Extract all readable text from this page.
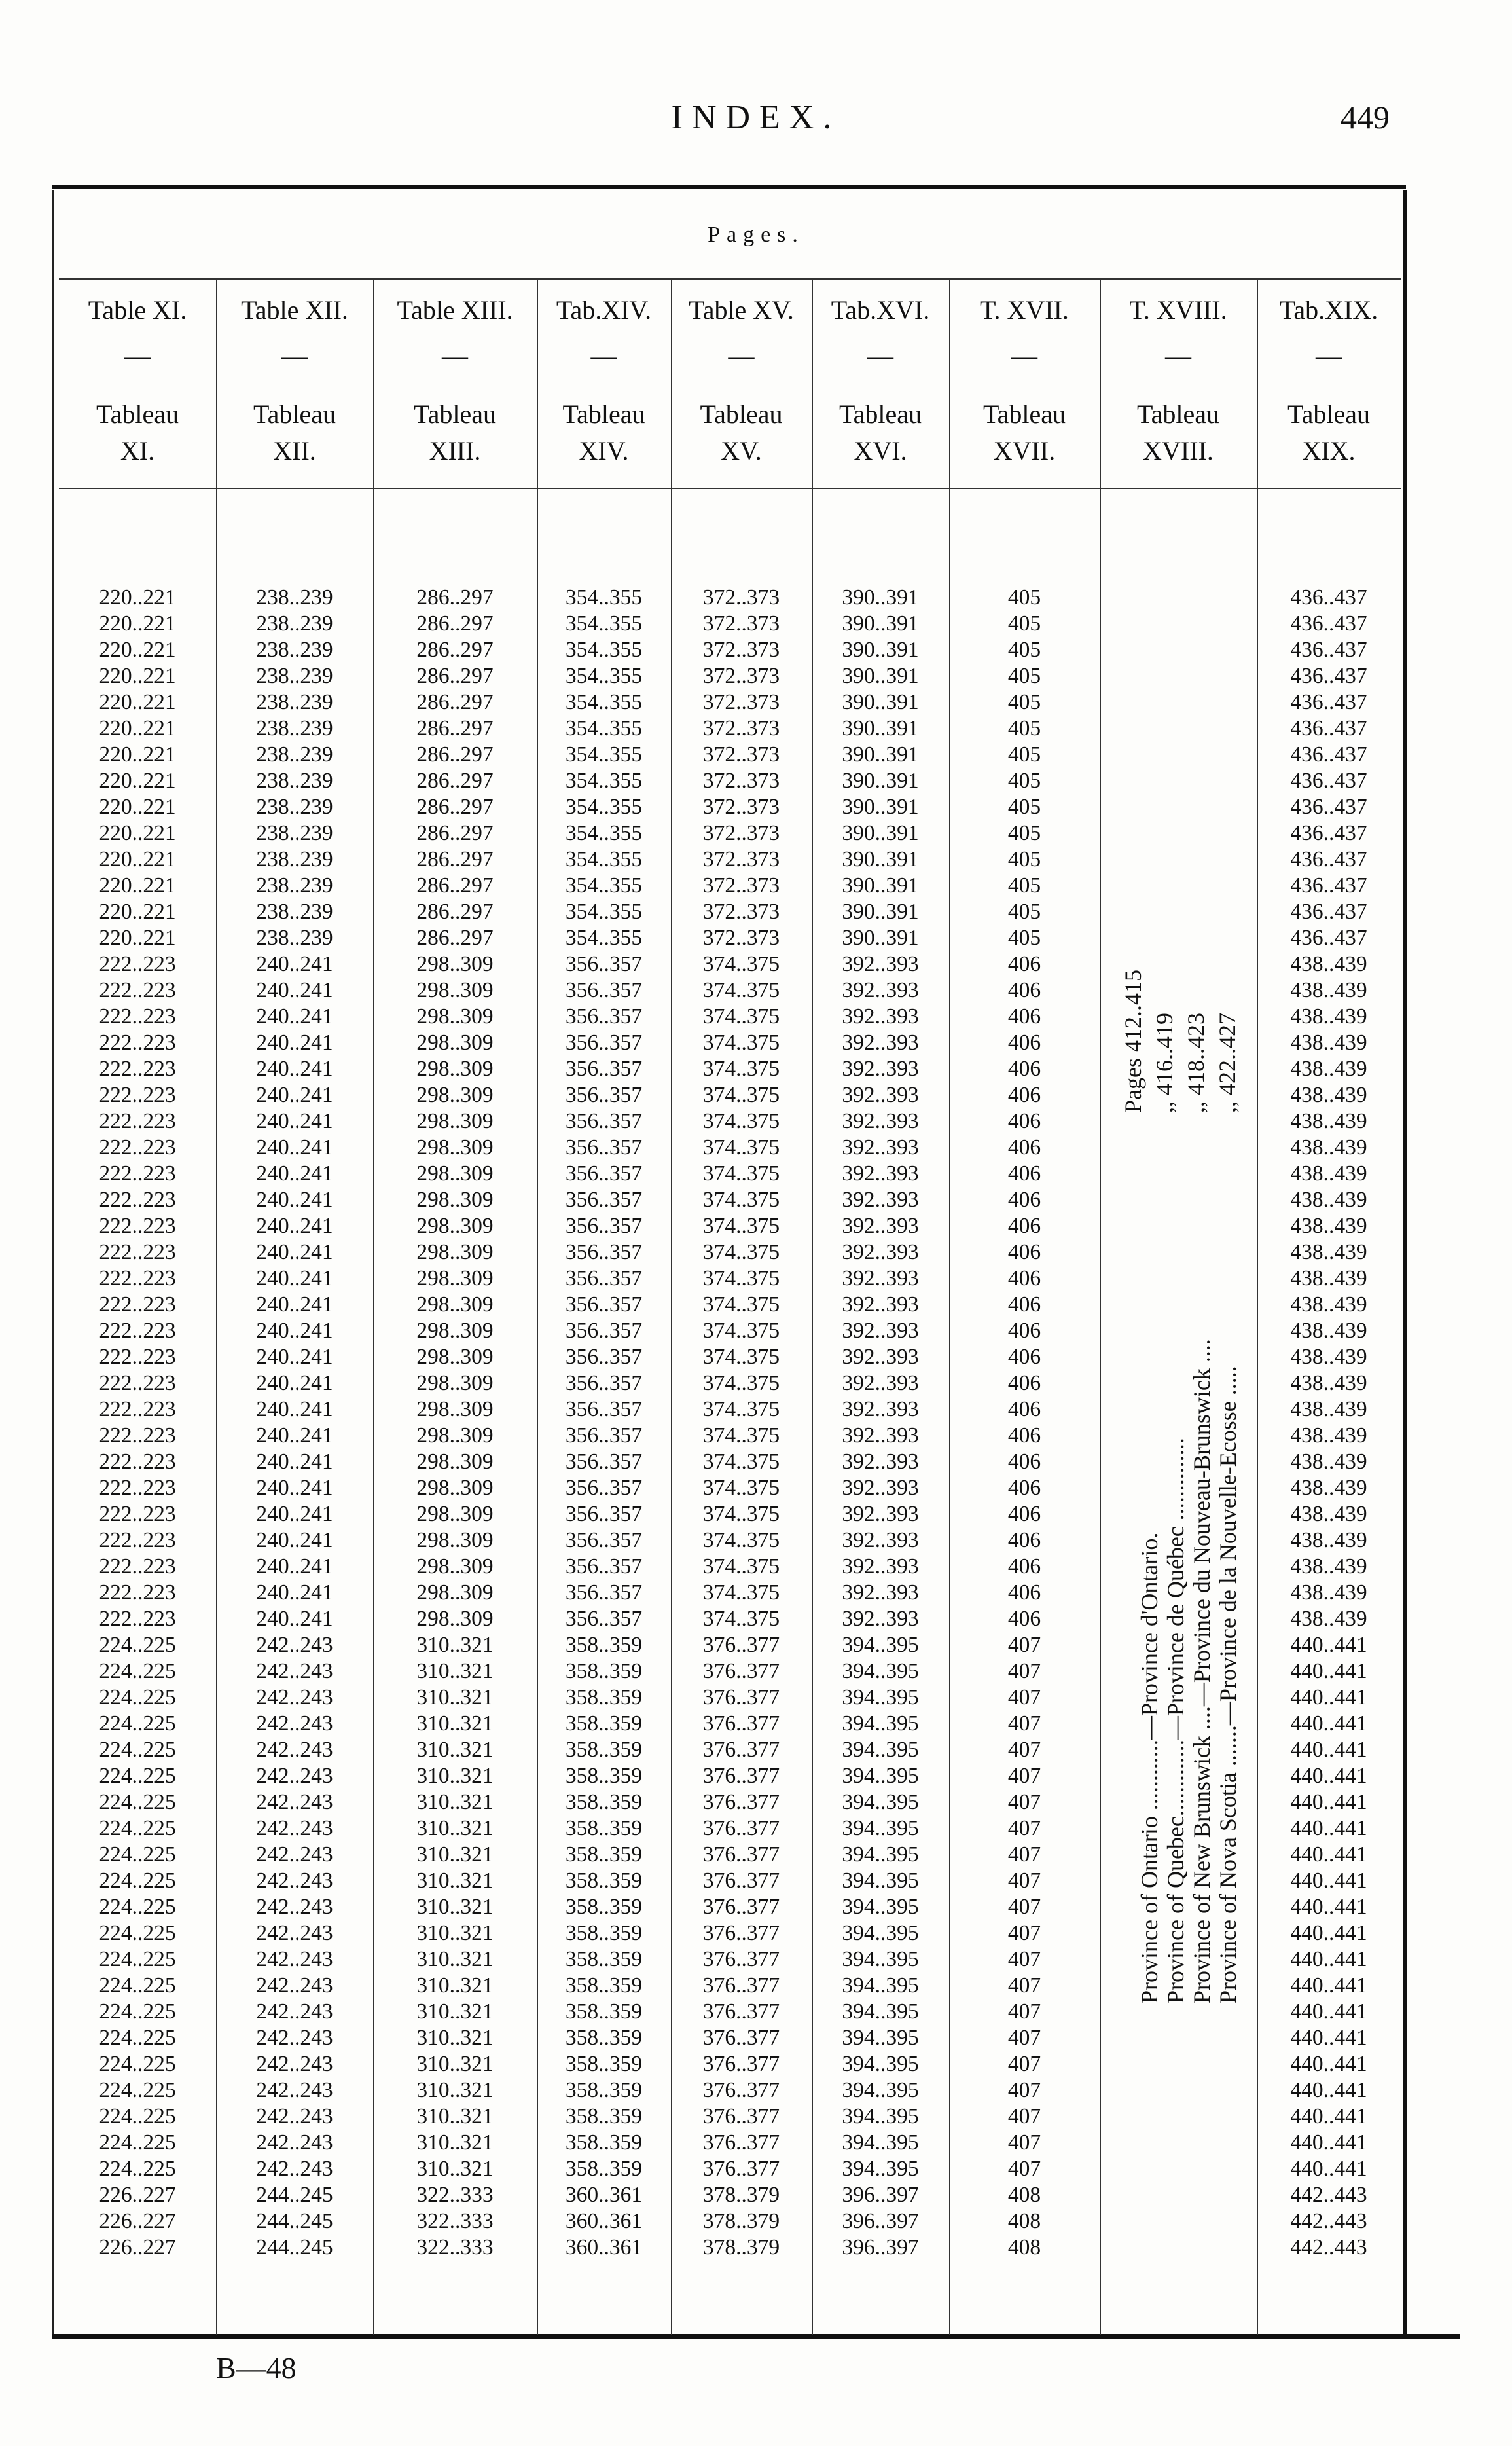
INDEX.	449
Pages.
Table XI.
—
Tableau
XI.
220..221
220..221
220..221
220..221
220..221
220..221
220..221
220..221
220..221
220..221
220..221
220..221
220..221
220..221
222..223
222..223
222..223
222..223
222..223
222..223
222..223
222..223
222..223
222..223
222..223
222..223
222..223
222..223
222..223
222..223
222..223
222..223
222..223
222..223
222..223
222..223
222..223
222..223
222..223
222..223
224..225
224..225
224..225
224..225
224..225
224..225
224..225
224..225
224..225
224..225
224..225
224..225
224..225
224..225
224..225
224..225
224..225
224..225
224..225
224..225
224..225
226..227
226..227
226..227
Table XII.
—
Tableau
XII.
238..239
238..239
238..239
238..239
238..239
238..239
238..239
238..239
238..239
238..239
238..239
238..239
238..239
238..239
240..241
240..241
240..241
240..241
240..241
240..241
240..241
240..241
240..241
240..241
240..241
240..241
240..241
240..241
240..241
240..241
240..241
240..241
240..241
240..241
240..241
240..241
240..241
240..241
240..241
240..241
242..243
242..243
242..243
242..243
242..243
242..243
242..243
242..243
242..243
242..243
242..243
242..243
242..243
242..243
242..243
242..243
242..243
242..243
242..243
242..243
242..243
244..245
244..245
244..245
Table XIII.
—
Tableau
XIII.
286..297
286..297
286..297
286..297
286..297
286..297
286..297
286..297
286..297
286..297
286..297
286..297
286..297
286..297
298..309
298..309
298..309
298..309
298..309
298..309
298..309
298..309
298..309
298..309
298..309
298..309
298..309
298..309
298..309
298..309
298..309
298..309
298..309
298..309
298..309
298..309
298..309
298..309
298..309
298..309
310..321
310..321
310..321
310..321
310..321
310..321
310..321
310..321
310..321
310..321
310..321
310..321
310..321
310..321
310..321
310..321
310..321
310..321
310..321
310..321
310..321
322..333
322..333
322..333
Tab.XIV.
—
Tableau
XIV.
354..355
354..355
354..355
354..355
354..355
354..355
354..355
354..355
354..355
354..355
354..355
354..355
354..355
354..355
356..357
356..357
356..357
356..357
356..357
356..357
356..357
356..357
356..357
356..357
356..357
356..357
356..357
356..357
356..357
356..357
356..357
356..357
356..357
356..357
356..357
356..357
356..357
356..357
356..357
356..357
358..359
358..359
358..359
358..359
358..359
358..359
358..359
358..359
358..359
358..359
358..359
358..359
358..359
358..359
358..359
358..359
358..359
358..359
358..359
358..359
358..359
360..361
360..361
360..361
Table XV.
—
Tableau
XV.
372..373
372..373
372..373
372..373
372..373
372..373
372..373
372..373
372..373
372..373
372..373
372..373
372..373
372..373
374..375
374..375
374..375
374..375
374..375
374..375
374..375
374..375
374..375
374..375
374..375
374..375
374..375
374..375
374..375
374..375
374..375
374..375
374..375
374..375
374..375
374..375
374..375
374..375
374..375
374..375
376..377
376..377
376..377
376..377
376..377
376..377
376..377
376..377
376..377
376..377
376..377
376..377
376..377
376..377
376..377
376..377
376..377
376..377
376..377
376..377
376..377
378..379
378..379
378..379
Tab.XVI.
—
Tableau
XVI.
390..391
390..391
390..391
390..391
390..391
390..391
390..391
390..391
390..391
390..391
390..391
390..391
390..391
390..391
392..393
392..393
392..393
392..393
392..393
392..393
392..393
392..393
392..393
392..393
392..393
392..393
392..393
392..393
392..393
392..393
392..393
392..393
392..393
392..393
392..393
392..393
392..393
392..393
392..393
392..393
394..395
394..395
394..395
394..395
394..395
394..395
394..395
394..395
394..395
394..395
394..395
394..395
394..395
394..395
394..395
394..395
394..395
394..395
394..395
394..395
394..395
396..397
396..397
396..397
T. XVII.
—
Tableau
XVII.
405
405
405
405
405
405
405
405
405
405
405
405
405
405
406
406
406
406
406
406
406
406
406
406
406
406
406
406
406
406
406
406
406
406
406
406
406
406
406
406
407
407
407
407
407
407
407
407
407
407
407
407
407
407
407
407
407
407
407
407
407
408
408
408
T. XVIII.
—
Tableau
XVIII.
Tab.XIX.
—
Tableau
XIX.
436..437
436..437
436..437
436..437
436..437
436..437
436..437
436..437
436..437
436..437
436..437
436..437
436..437
436..437
438..439
438..439
438..439
438..439
438..439
438..439
438..439
438..439
438..439
438..439
438..439
438..439
438..439
438..439
438..439
438..439
438..439
438..439
438..439
438..439
438..439
438..439
438..439
438..439
438..439
438..439
440..441
440..441
440..441
440..441
440..441
440..441
440..441
440..441
440..441
440..441
440..441
440..441
440..441
440..441
440..441
440..441
440..441
440..441
440..441
440..441
440..441
442..443
442..443
442..443
Pages 412..415 ,, 416..419 ,, 418..423 ,, 422..427
Province of Ontario ............—Province d'Ontario. Province of Quebec.............—Province de Québec .............. Province of New Brunswick ....—Province du Nouveau-Brunswick .... Province of Nova Scotia .......—Province de la Nouvelle-Ecosse .....
B—48
